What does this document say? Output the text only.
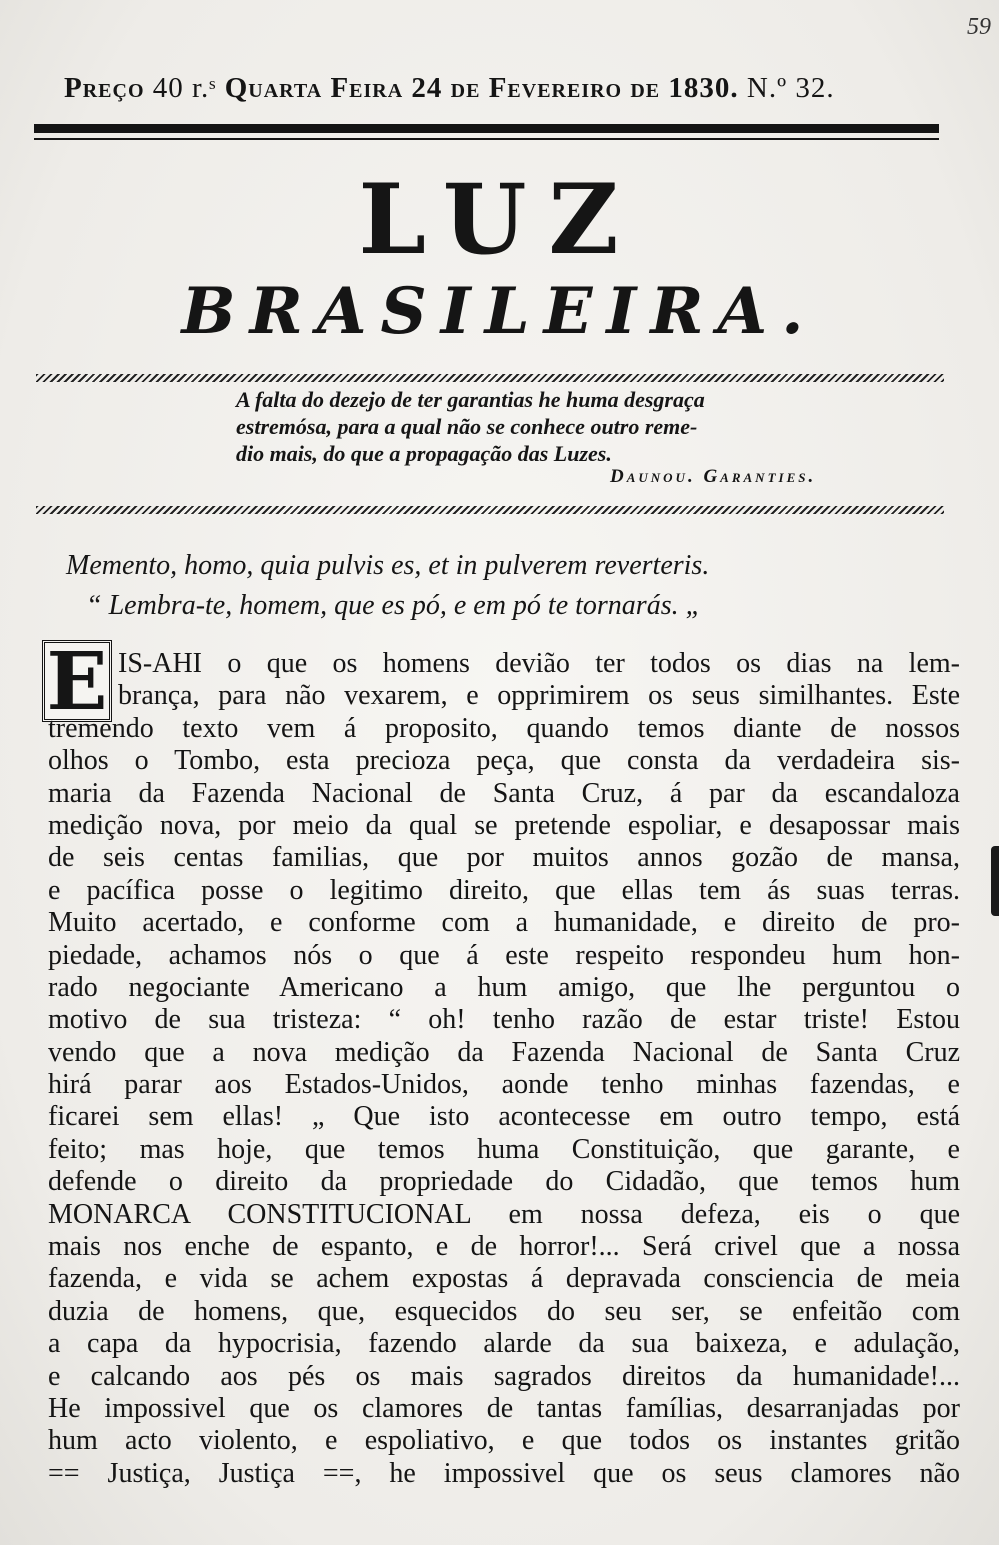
59
Preço 40 r.ˢ Quarta Feira 24 de Fevereiro de 1830. N.º 32.
LUZ
BRASILEIRA.
A falta do dezejo de ter garantias he huma desgraça
estremósa, para a qual não se conhece outro reme-
dio mais, do que a propagação das Luzes.
Daunou. Garanties.
Memento, homo, quia pulvis es, et in pulverem reverteris.
“ Lembra-te, homem, que es pó, e em pó te tornarás. „
E IS-AHI o que os homens devião ter todos os dias na lem-
brança, para não vexarem, e opprimirem os seus similhantes. Este
tremendo texto vem á proposito, quando temos diante de nossos
olhos o Tombo, esta precioza peça, que consta da verdadeira sis-
maria da Fazenda Nacional de Santa Cruz, á par da escandaloza
medição nova, por meio da qual se pretende espoliar, e desapossar mais
de seis centas familias, que por muitos annos gozão de mansa,
e pacífica posse o legitimo direito, que ellas tem ás suas terras.
Muito acertado, e conforme com a humanidade, e direito de pro-
piedade, achamos nós o que á este respeito respondeu hum hon-
rado negociante Americano a hum amigo, que lhe perguntou o
motivo de sua tristeza: “ oh! tenho razão de estar triste! Estou
vendo que a nova medição da Fazenda Nacional de Santa Cruz
hirá parar aos Estados-Unidos, aonde tenho minhas fazendas, e
ficarei sem ellas! „ Que isto acontecesse em outro tempo, está
feito; mas hoje, que temos huma Constituição, que garante, e
defende o direito da propriedade do Cidadão, que temos hum
MONARCA CONSTITUCIONAL em nossa defeza, eis o que
mais nos enche de espanto, e de horror!... Será crivel que a nossa
fazenda, e vida se achem expostas á depravada consciencia de meia
duzia de homens, que, esquecidos do seu ser, se enfeitão com
a capa da hypocrisia, fazendo alarde da sua baixeza, e adulação,
e calcando aos pés os mais sagrados direitos da humanidade!...
He impossivel que os clamores de tantas famílias, desarranjadas por
hum acto violento, e espoliativo, e que todos os instantes gritão
== Justiça, Justiça ==, he impossivel que os seus clamores não
